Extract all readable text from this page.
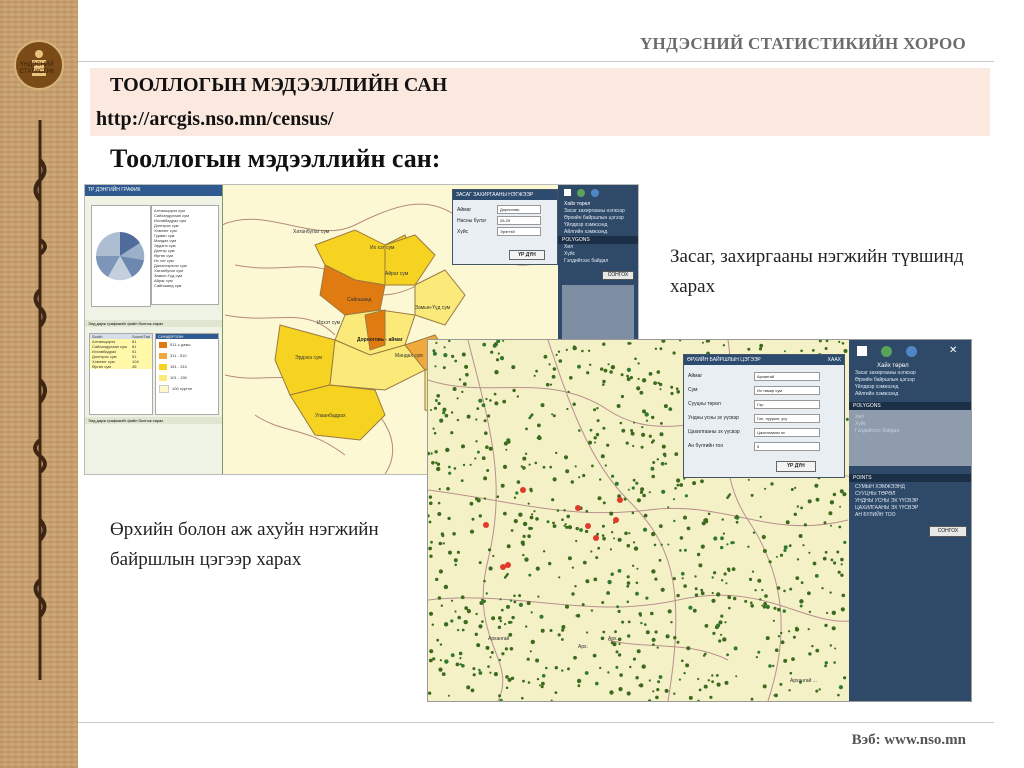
ҮНДЭСНИЙ СТАТИСТИК
ҮНДЭСНИЙ СТАТИСТИКИЙН ХОРОО
ТООЛЛОГЫН МЭДЭЭЛЛИЙН САН
http://arcgis.nso.mn/census/
Тооллогын мэдээллийн сан:
ТР ДЭНГИЙН ГРАФИК
Алтанщирээ сум
Сайхандулаан сум
Иххэвбадрах сум
Дэлгэрэх сум
Хэвлэнг сум
Гурван сум
Мандах сум
Эрдэнэ сум
Дэлгэр сум
Өргөн сум
Их хэт сум
Далангэрэгэх сум
Хатанбулаг сум
Замын-Үүд сум
Айраг сум
Сайншанд сум
Энд дарж графикийг файл болгож харах
South	Sount/Tab
Алтанщирээ	81
Сайхандулаан сум	81
Иххэвбадрах	51
Дэлгэрэх сум	51
Хэвлэнг сум	104
Өргөн сум	45
СИНДЕРЭЭН
511-с дээш
311 - 510
151 - 310
101 - 150
100 хүртэл
Энд дарж графикийг файл болгож харах
Хатанбулаг сум
Сайншанд
Замын-Үүд сум
Дорноговь - аймаг
Иххэт сум
Эрдэнэ сум
Улаанбадрах
Их хэт сум
Айраг сум
Мандах сум
ЗАСАГ ЗАХИРГААНЫ НЭГЖЭЭР
Аймаг	Дорноговь
Насны бүлэг	25-29
Хүйс	Эрэгтэй
ҮР ДҮН
Хайх төрөл
Засаг захиргааны нэгжээр
Өрхийн байршлын цэгээр
Үйлдвэр хэмжээнд
Айлгийн хэмжээнд
POLYGONS
Хил
Хүйс
Гэлдийгээс байдал
СОНГОХ
Архангай
Арх.
Арх.
Архангай ...
ӨРХИЙН БАЙРШЛЫН ЦЭГЭЭР	ХААХ
Аймаг	Архангай
Сум	Их тамир сум
Сууцны төрөл	Гэр
Ундны усны эх үүсвэр	Гол, нуурын, усу
Цахилгааны эх үүсвэр	Цахилгааны эх
Ан бүлгийн тоо	5
ҮР ДҮН
✕
Хайх төрөл
Засаг захиргааны нэгжээр
Өрхийн байршлын цэгээр
Үйлдвэр хэмжээнд
Айлгийн хэмжээнд
POLYGONS
Хил
Хүйс
Гэлдийгээс байдал
POINTS
СУМЫН ХЭМЖЭЭНД
СУУЦНЫ ТӨРӨЛ
УНДНЫ УСНЫ ЭХ ҮҮСВЭР
ЦАХИЛГААНЫ ЭХ ҮҮСВЭР
АН БҮЛИЙН ТОО
СОНГОХ
Засаг, захиргааны нэгжийн түвшинд харах
Өрхийн болон аж ахуйн нэгжийн байршлын цэгээр харах
Вэб: www.nso.mn
